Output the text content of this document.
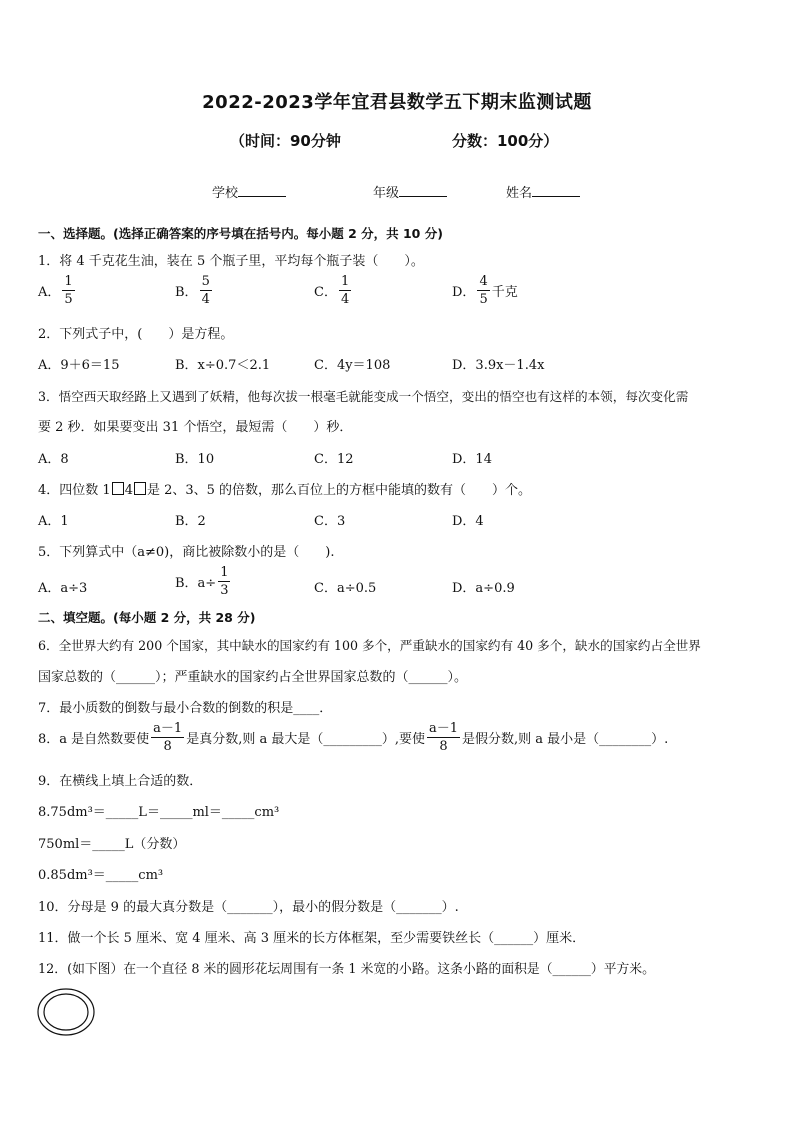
2022-2023学年宜君县数学五下期末监测试题
（时间：90分钟	分数：100分）
学校	年级	姓名
一、选择题。(选择正确答案的序号填在括号内。每小题 2 分，共 10 分)
1．将 4 千克花生油，装在 5 个瓶子里，平均每个瓶子装（　　）。
A． $\frac{1}{5}$	B． $\frac{5}{4}$	C． $\frac{1}{4}$	D． $\frac{4}{5}$ 千克
2．下列式子中，(　　）是方程。
A．9＋6＝15	B．x÷0.7＜2.1	C．4y＝108	D．3.9x－1.4x
3．悟空西天取经路上又遇到了妖精，他每次拔一根毫毛就能变成一个悟空，变出的悟空也有这样的本领，每次变化需
要 2 秒．如果要变出 31 个悟空，最短需（　　）秒．
A．8	B．10	C．12	D．14
4．四位数 1 4 是 2、3、5 的倍数，那么百位上的方框中能填的数有（　　）个。
A．1	B．2	C．3	D．4
5．下列算式中（a≠0)，商比被除数小的是（　　).
A．a÷3	B．$a\div \frac{1}{3}$	C．a÷0.5	D．a÷0.9
二、填空题。(每小题 2 分，共 28 分)
6．全世界大约有 200 个国家，其中缺水的国家约有 100 多个，严重缺水的国家约有 40 多个，缺水的国家约占全世界
国家总数的（______）；严重缺水的国家约占全世界国家总数的（______）。
7．最小质数的倒数与最小合数的倒数的积是____．
8．a 是自然数要使 $\frac{a-1}{8}$ 是真分数,则 a 最大是（_________）,要使 $\frac{a-1}{8}$ 是假分数,则 a 最小是（________）.
9．在横线上填上合适的数．
8.75dm³＝_____L＝_____ml＝_____cm³
750ml＝_____L（分数）
0.85dm³＝_____cm³
10．分母是 9 的最大真分数是（_______），最小的假分数是（_______）.
11．做一个长 5 厘米、宽 4 厘米、高 3 厘米的长方体框架，至少需要铁丝长（______）厘米．
12．(如下图）在一个直径 8 米的圆形花坛周围有一条 1 米宽的小路。这条小路的面积是（______）平方米。
